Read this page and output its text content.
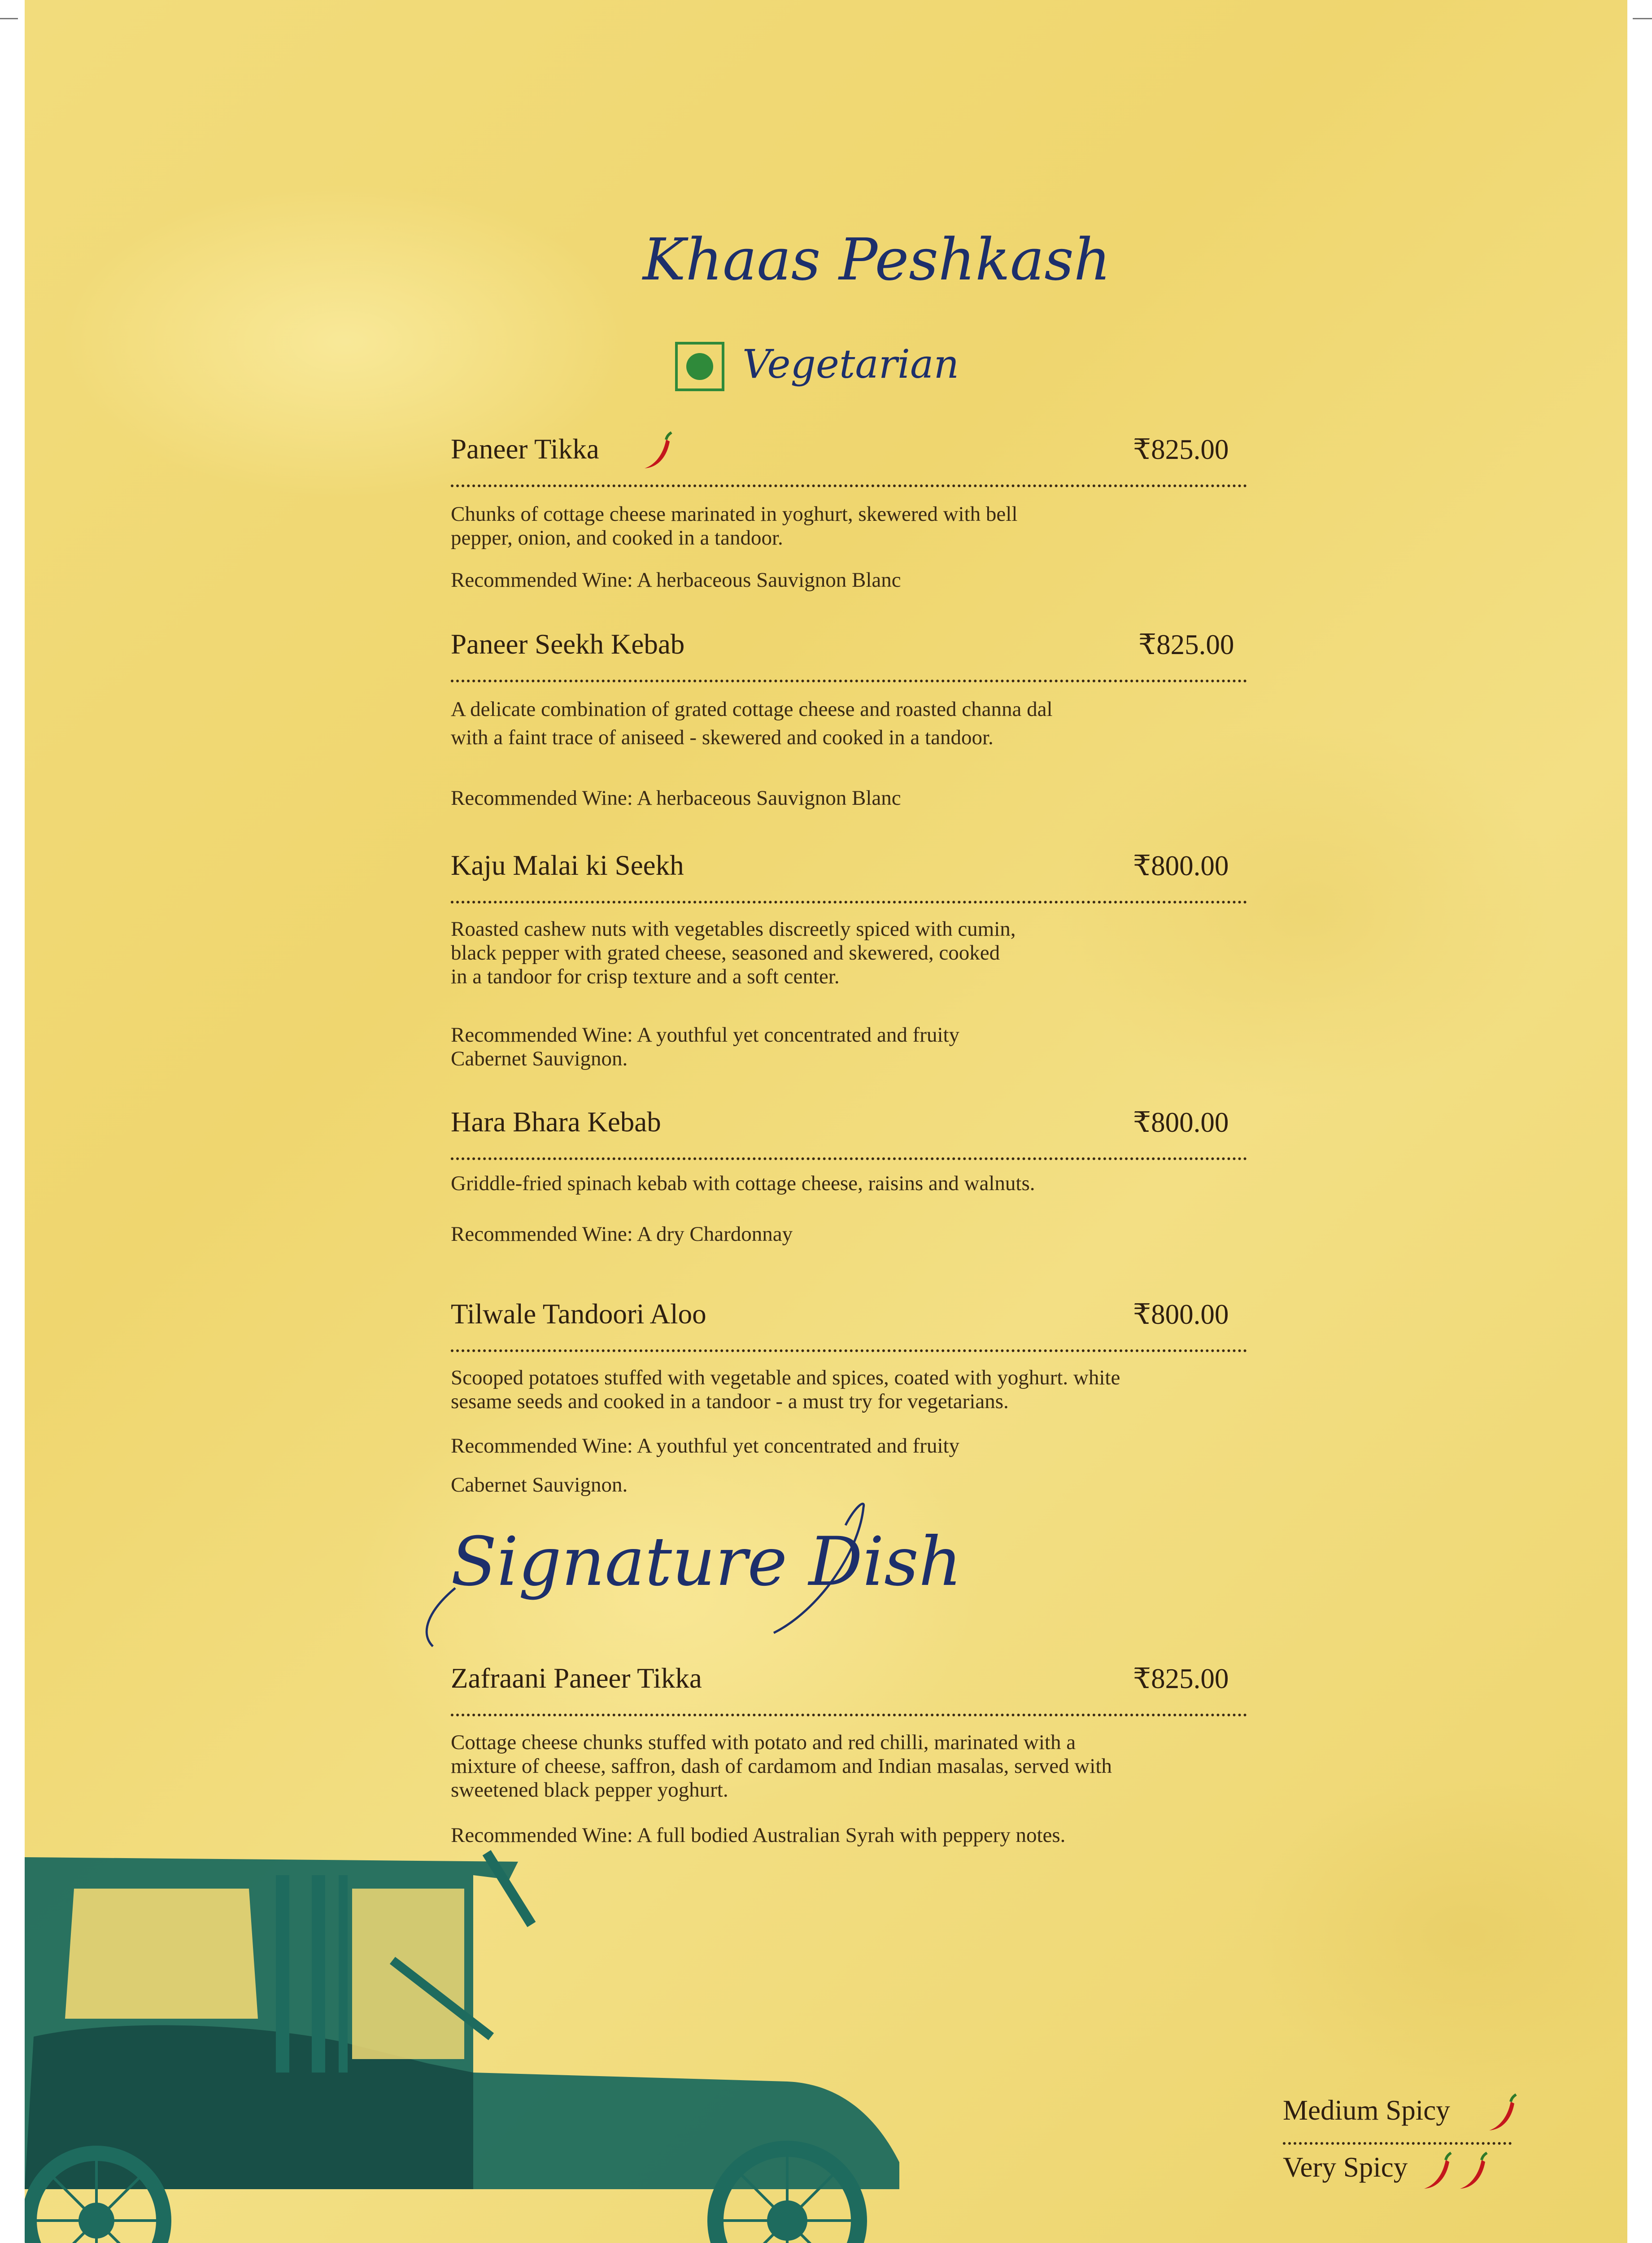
Khaas Peshkash
Vegetarian
Paneer Tikka	₹825.00
Chunks of cottage cheese marinated in yoghurt, skewered with bell
pepper, onion, and cooked in a tandoor.
Recommended Wine: A herbaceous Sauvignon Blanc
Paneer Seekh Kebab	₹825.00
A delicate combination of grated cottage cheese and roasted channa dal
with a faint trace of aniseed - skewered and cooked in a tandoor.
Recommended Wine: A herbaceous Sauvignon Blanc
Kaju Malai ki Seekh	₹800.00
Roasted cashew nuts with vegetables discreetly spiced with cumin,
black pepper with grated cheese, seasoned and skewered, cooked
in a tandoor for crisp texture and a soft center.
Recommended Wine: A youthful yet concentrated and fruity
Cabernet Sauvignon.
Hara Bhara Kebab	₹800.00
Griddle-fried spinach kebab with cottage cheese, raisins and walnuts.
Recommended Wine: A dry Chardonnay
Tilwale Tandoori Aloo	₹800.00
Scooped potatoes stuffed with vegetable and spices, coated with yoghurt. white
sesame seeds and cooked in a tandoor - a must try for vegetarians.
Recommended Wine: A youthful yet concentrated and fruity
Cabernet Sauvignon.
Signature Dish
Zafraani Paneer Tikka	₹825.00
Cottage cheese chunks stuffed with potato and red chilli, marinated with a
mixture of cheese, saffron, dash of cardamom and Indian masalas, served with
sweetened black pepper yoghurt.
Recommended Wine: A full bodied Australian Syrah with peppery notes.
Medium Spicy
Very Spicy
